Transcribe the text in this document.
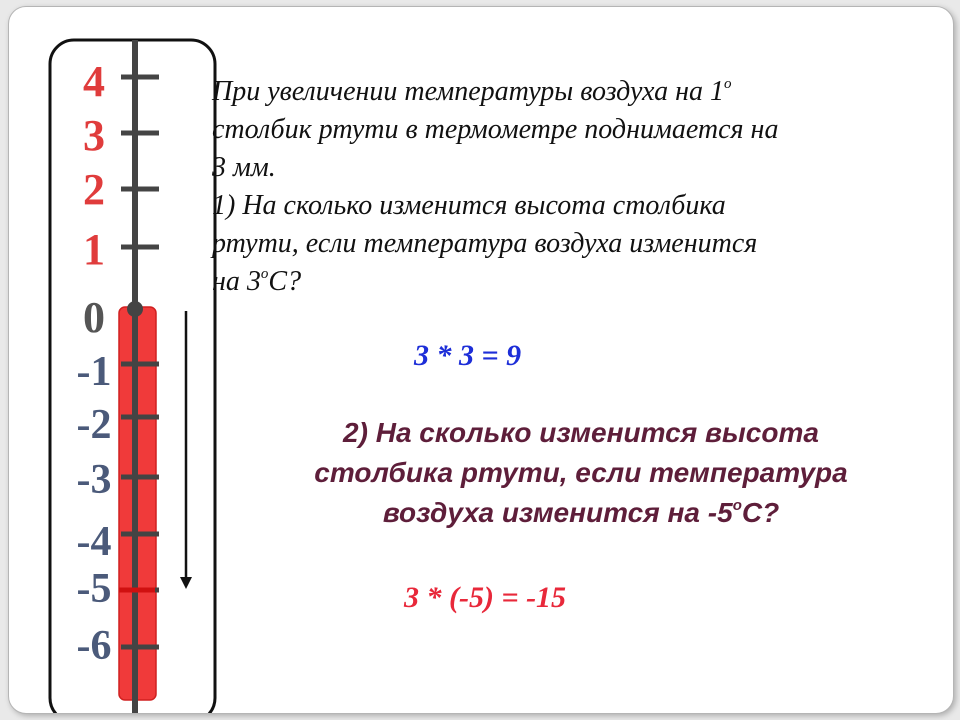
4
3
2
1
0
-1
-2
-3
-4
-5
-6
При увеличении температуры воздуха на $1^о$
столбик ртути в термометре поднимается на
3 мм.
1) На сколько изменится высота столбика
ртути, если температура воздуха изменится
на $3^оС$?
3 * 3 = 9
2) На сколько изменится высота
столбика ртути, если температура
воздуха изменится на $-5^оС$?
3 * (-5) = -15
